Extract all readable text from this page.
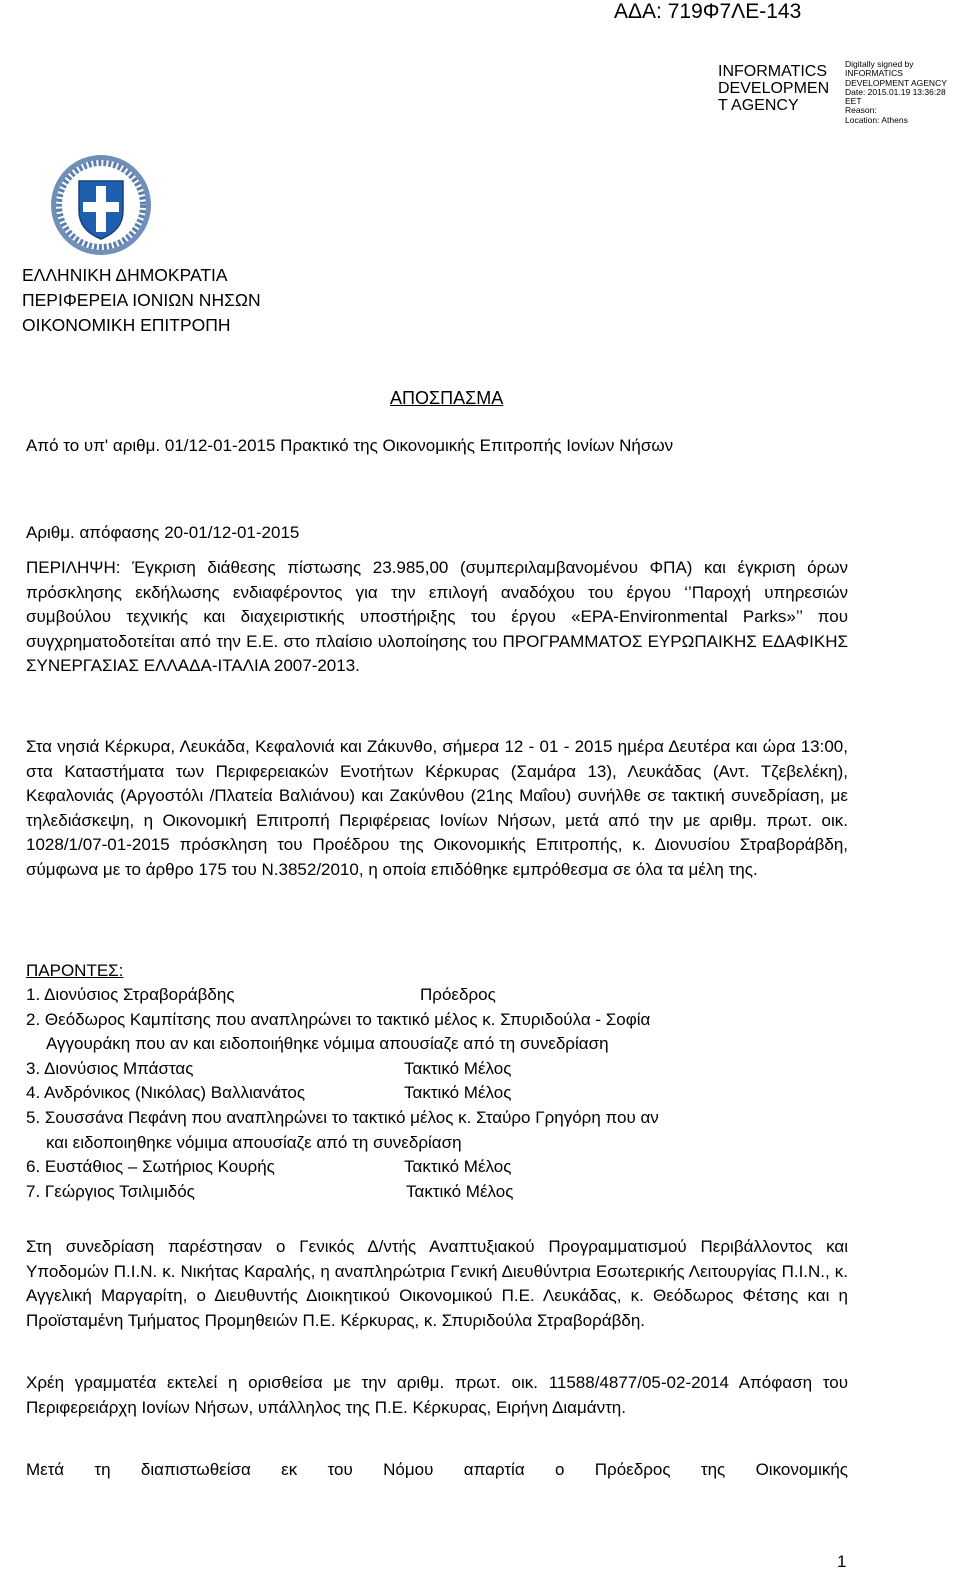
ΑΔΑ: 719Φ7ΛΕ-143
INFORMATICS
DEVELOPMEN
T AGENCY
Digitally signed by
INFORMATICS
DEVELOPMENT AGENCY
Date: 2015.01.19 13:36:28
EET
Reason:
Location: Athens
ΕΛΛΗΝΙΚΗ ΔΗΜΟΚΡΑΤΙΑ
ΠΕΡΙΦΕΡΕΙΑ ΙΟΝΙΩΝ ΝΗΣΩΝ
ΟΙΚΟΝΟΜΙΚΗ ΕΠΙΤΡΟΠΗ
ΑΠΟΣΠΑΣΜΑ
Από το υπ' αριθμ. 01/12-01-2015 Πρακτικό της Οικονομικής Επιτροπής Ιονίων Νήσων
Αριθμ. απόφασης 20-01/12-01-2015
ΠΕΡΙΛΗΨΗ: Έγκριση διάθεσης πίστωσης 23.985,00 (συμπεριλαμβανομένου ΦΠΑ) και έγκριση όρων πρόσκλησης εκδήλωσης ενδιαφέροντος για την επιλογή αναδόχου του έργου ‘’Παροχή υπηρεσιών συμβούλου τεχνικής και διαχειριστικής υποστήριξης του έργου «EPA-Environmental Parks»’’ που συγχρηματοδοτείται από την Ε.Ε. στο πλαίσιο υλοποίησης του ΠΡΟΓΡΑΜΜΑΤΟΣ ΕΥΡΩΠΑΙΚΗΣ ΕΔΑΦΙΚΗΣ ΣΥΝΕΡΓΑΣΙΑΣ ΕΛΛΑΔΑ-ΙΤΑΛΙΑ 2007-2013.
Στα νησιά Κέρκυρα, Λευκάδα, Κεφαλονιά και Ζάκυνθο, σήμερα 12 - 01 - 2015 ημέρα Δευτέρα και ώρα 13:00, στα Καταστήματα των Περιφερειακών Ενοτήτων Κέρκυρας (Σαμάρα 13), Λευκάδας (Αντ. Τζεβελέκη), Κεφαλονιάς (Αργοστόλι /Πλατεία Βαλιάνου) και Ζακύνθου (21ης Μαΐου) συνήλθε σε τακτική συνεδρίαση, με τηλεδιάσκεψη, η Οικονομική Επιτροπή Περιφέρειας Ιονίων Νήσων, μετά από την με αριθμ. πρωτ. οικ. 1028/1/07-01-2015 πρόσκληση του Προέδρου της Οικονομικής Επιτροπής, κ. Διονυσίου Στραβοράβδη, σύμφωνα με το άρθρο 175 του Ν.3852/2010, η οποία επιδόθηκε εμπρόθεσμα σε όλα τα μέλη της.
ΠΑΡΟΝΤΕΣ:
1. Διονύσιος Στραβοράβδης	Πρόεδρος
2. Θεόδωρος Καμπίτσης που αναπληρώνει το τακτικό μέλος κ. Σπυριδούλα - Σοφία
Αγγουράκη που αν και ειδοποιήθηκε νόμιμα απουσίαζε από τη συνεδρίαση
3. Διονύσιος Μπάστας	Τακτικό Μέλος
4. Ανδρόνικος (Νικόλας) Βαλλιανάτος	Τακτικό Μέλος
5. Σουσσάνα Πεφάνη που αναπληρώνει το τακτικό μέλος κ. Σταύρο Γρηγόρη που αν
και ειδοποιηθηκε νόμιμα απουσίαζε από τη συνεδρίαση
6. Ευστάθιος – Σωτήριος Κουρής	Τακτικό Μέλος
7. Γεώργιος Τσιλιμιδός	Τακτικό Μέλος
Στη συνεδρίαση παρέστησαν ο Γενικός Δ/ντής Αναπτυξιακού Προγραμματισμού Περιβάλλοντος και Υποδομών Π.Ι.Ν. κ. Νικήτας Καραλής, η αναπληρώτρια Γενική Διευθύντρια Εσωτερικής Λειτουργίας Π.Ι.Ν., κ. Αγγελική Μαργαρίτη, ο Διευθυντής Διοικητικού Οικονομικού Π.Ε. Λευκάδας, κ. Θεόδωρος Φέτσης και η Προϊσταμένη Τμήματος Προμηθειών Π.Ε. Κέρκυρας, κ. Σπυριδούλα Στραβοράβδη.
Χρέη γραμματέα εκτελεί η ορισθείσα με την αριθμ. πρωτ. οικ. 11588/4877/05-02-2014 Απόφαση του Περιφερειάρχη Ιονίων Νήσων, υπάλληλος της Π.Ε. Κέρκυρας, Ειρήνη Διαμάντη.
Μετά τη διαπιστωθείσα εκ του Νόμου απαρτία ο Πρόεδρος της Οικονομικής
1
